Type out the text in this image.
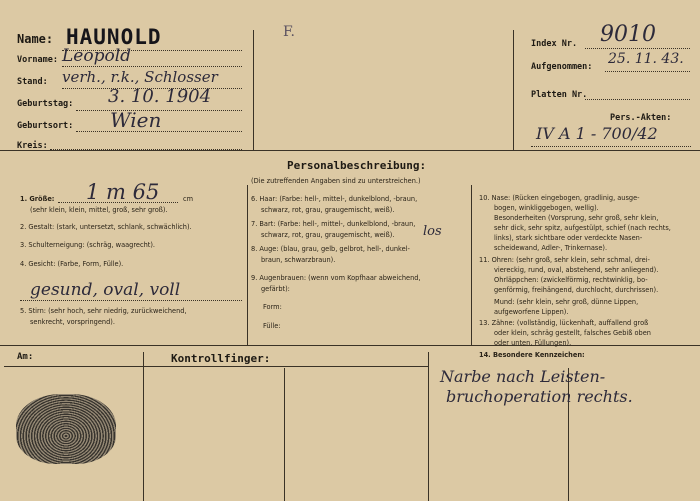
Name: HAUNOLD
Vorname: Leopold
Stand: verh., r.k., Schlosser
Geburtstag: 3. 10. 1904
Geburtsort: Wien
Kreis:
F.
Index Nr. 9010
Aufgenommen: 25. 11. 43.
Platten Nr.
Pers.-Akten:
IV A 1 - 700/42
Personalbeschreibung:
(Die zutreffenden Angaben sind zu unterstreichen.)
1. Größe: 1 m 65	cm
(sehr klein, klein, mittel, groß, sehr groß).
2. Gestalt: (stark, untersetzt, schlank, schwächlich).
3. Schulterneigung: (schräg, waagrecht).
4. Gesicht: (Farbe, Form, Fülle).
gesund, oval, voll
5. Stirn: (sehr hoch, sehr niedrig, zurückweichend,
senkrecht, vorspringend).
6. Haar: (Farbe: hell-, mittel-, dunkelblond, -braun,
schwarz, rot, grau, graugemischt, weiß).
7. Bart: (Farbe: hell-, mittel-, dunkelblond, -braun,
schwarz, rot, grau, graugemischt, weiß). los
8. Auge: (blau, grau, gelb, gelbrot, hell-, dunkel-
braun, schwarzbraun).
9. Augenbrauen: (wenn vom Kopfhaar abweichend,
gefärbt):
Form:
Fülle:
10. Nase: (Rücken eingebogen, gradlinig, ausge-
bogen, winkliggebogen, wellig).
Besonderheiten (Vorsprung, sehr groß, sehr klein,
sehr dick, sehr spitz, aufgestülpt, schief (nach rechts,
links), stark sichtbare oder verdeckte Nasen-
scheidewand, Adler-, Trinkernase).
11. Ohren: (sehr groß, sehr klein, sehr schmal, drei-
viereckig, rund, oval, abstehend, sehr anliegend).
Ohrläppchen: (zwickelförmig, rechtwinklig, bo-
genförmig, freihängend, durchlocht, durchrissen).
Mund: (sehr klein, sehr groß, dünne Lippen,
aufgeworfene Lippen).
13. Zähne: (vollständig, lückenhaft, auffallend groß
oder klein, schräg gestellt, falsches Gebiß oben
oder unten, Füllungen).
14. Besondere Kennzeichen:
Am:	Kontrollfinger:
Narbe nach Leisten-
bruchoperation rechts.
